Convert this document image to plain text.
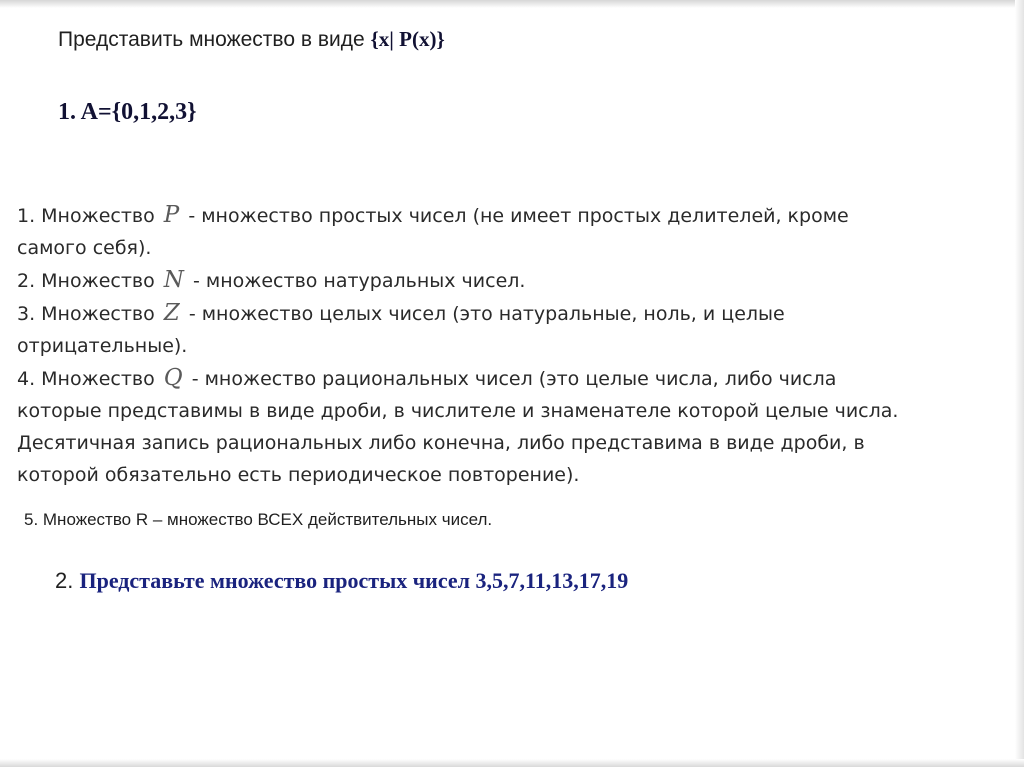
Представить множество в виде {x| P(x)}
1. A={0,1,2,3}
1. Множество P - множество простых чисел (не имеет простых делителей, кроме
самого себя).
2. Множество N - множество натуральных чисел.
3. Множество Z - множество целых чисел (это натуральные, ноль, и целые
отрицательные).
4. Множество Q - множество рациональных чисел (это целые числа, либо числа
которые представимы в виде дроби, в числителе и знаменателе которой целые числа.
Десятичная запись рациональных либо конечна, либо представима в виде дроби, в
которой обязательно есть периодическое повторение).
5. Множество R – множество ВСЕХ действительных чисел.
2. Представьте множество простых чисел 3,5,7,11,13,17,19
